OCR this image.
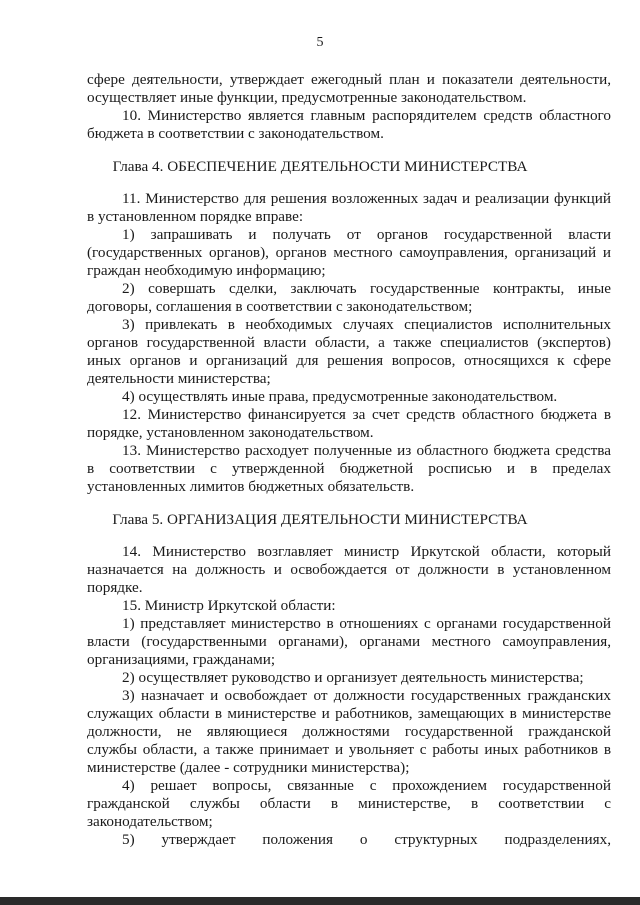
5
сфере деятельности, утверждает ежегодный план и показатели деятельности,
осуществляет иные функции, предусмотренные законодательством.
10. Министерство является главным распорядителем средств областного
бюджета в соответствии с законодательством.
Глава 4. ОБЕСПЕЧЕНИЕ ДЕЯТЕЛЬНОСТИ МИНИСТЕРСТВА
11. Министерство для решения возложенных задач и реализации функций
в установленном порядке вправе:
1) запрашивать и получать от органов государственной власти
(государственных органов), органов местного самоуправления, организаций и
граждан необходимую информацию;
2) совершать сделки, заключать государственные контракты, иные
договоры, соглашения в соответствии с законодательством;
3) привлекать в необходимых случаях специалистов исполнительных
органов государственной власти области, а также специалистов (экспертов)
иных органов и организаций для решения вопросов, относящихся к сфере
деятельности министерства;
4) осуществлять иные права, предусмотренные законодательством.
12. Министерство финансируется за счет средств областного бюджета в
порядке, установленном законодательством.
13. Министерство расходует полученные из областного бюджета средства
в соответствии с утвержденной бюджетной росписью и в пределах
установленных лимитов бюджетных обязательств.
Глава 5. ОРГАНИЗАЦИЯ ДЕЯТЕЛЬНОСТИ МИНИСТЕРСТВА
14. Министерство возглавляет министр Иркутской области, который
назначается на должность и освобождается от должности в установленном
порядке.
15. Министр Иркутской области:
1) представляет министерство в отношениях с органами государственной
власти (государственными органами), органами местного самоуправления,
организациями, гражданами;
2) осуществляет руководство и организует деятельность министерства;
3) назначает и освобождает от должности государственных гражданских
служащих области в министерстве и работников, замещающих в министерстве
должности, не являющиеся должностями государственной гражданской
службы области, а также принимает и увольняет с работы иных работников в
министерстве (далее - сотрудники министерства);
4) решает вопросы, связанные с прохождением государственной
гражданской службы области в министерстве, в соответствии с
законодательством;
5) утверждает положения о структурных подразделениях,
